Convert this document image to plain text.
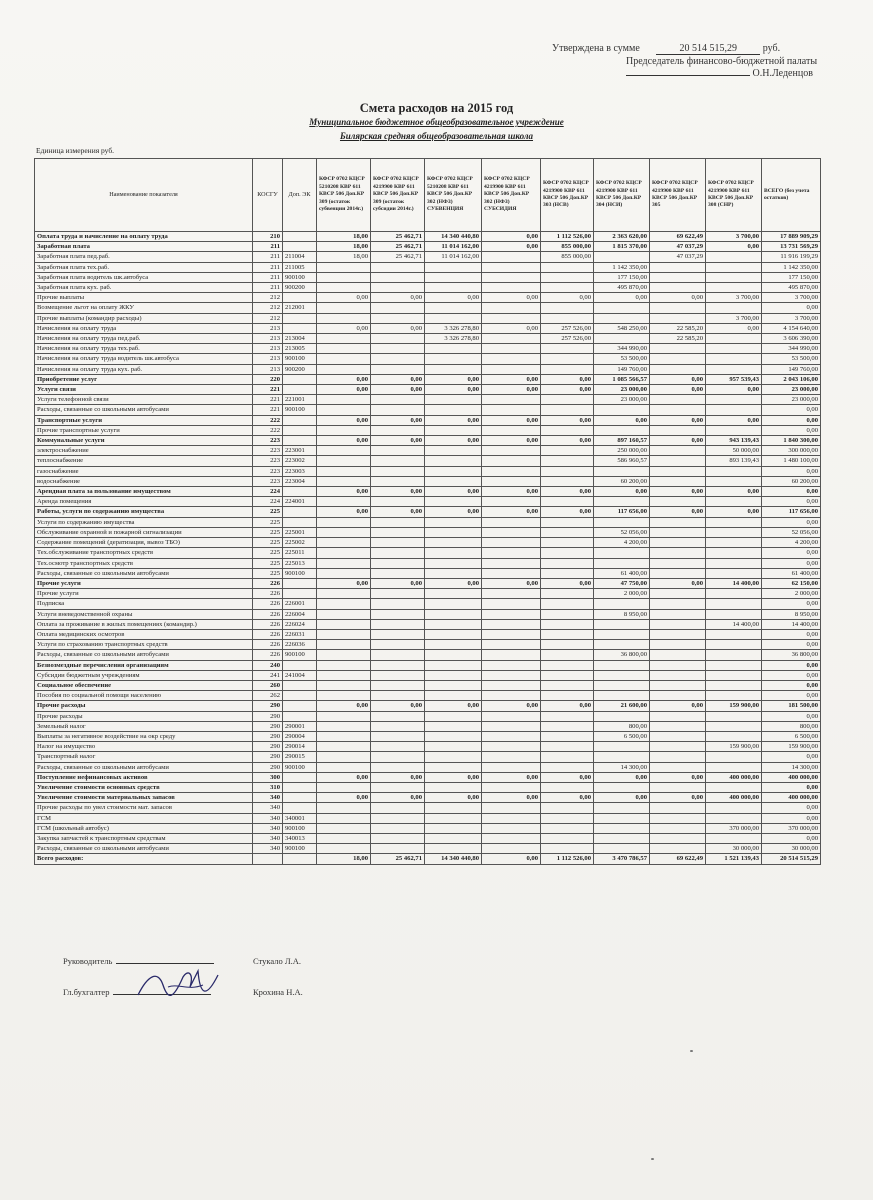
Утверждена в сумме	20 514 515,29	руб.
Председатель финансово-бюджетной палаты
О.Н.Леденцов
Смета расходов на 2015 год
Муниципальное бюджетное общеобразовательное учреждение
Билярская средняя общеобразовательная школа
Единица измерения руб.
Наименование показателя	КОСГУ	Доп. ЭК	КФСР 0702 КЦСР 5210208 КВР 611 КВСР 506 Доп.КР 309 (остаток субвенции 2014г.)	КФСР 0702 КЦСР 4219900 КВР 611 КВСР 506 Доп.КР 309 (остаток субсидии 2014г.)	КФСР 0702 КЦСР 5210208 КВР 611 КВСР 506 Доп.КР 302 (НФЗ) СУБВЕНЦИЯ	КФСР 0702 КЦСР 4219900 КВР 611 КВСР 506 Доп.КР 302 (НФЗ) СУБСИДИЯ	КФСР 0702 КЦСР 4219900 КВР 611 КВСР 506 Доп.КР 303 (НСВ)	КФСР 0702 КЦСР 4219900 КВР 611 КВСР 506 Доп.КР 304 (НСИ)	КФСР 0702 КЦСР 4219900 КВР 611 КВСР 506 Доп.КР 305	КФСР 0702 КЦСР 4219900 КВР 611 КВСР 506 Доп.КР 308 (СНР)	ВСЕГО (без учета остатков)
Оплата труда и начисление на оплату труда	210		18,00	25 462,71	14 340 440,80	0,00	1 112 526,00	2 363 620,00	69 622,49	3 700,00	17 889 909,29
Заработная плата	211		18,00	25 462,71	11 014 162,00	0,00	855 000,00	1 815 370,00	47 037,29	0,00	13 731 569,29
Заработная плата пед.раб.	211	211004	18,00	25 462,71	11 014 162,00		855 000,00		47 037,29		11 916 199,29
Заработная плата тех.раб.	211	211005						1 142 350,00			1 142 350,00
Заработная плата водитель шк.автобуса	211	900100						177 150,00			177 150,00
Заработная плата кух. раб.	211	900200						495 870,00			495 870,00
Прочие выплаты	212		0,00	0,00	0,00	0,00	0,00	0,00	0,00	3 700,00	3 700,00
Возмещение льгот на оплату ЖКУ	212	212001									0,00
Прочие выплаты (командир расходы)	212									3 700,00	3 700,00
Начисления на оплату труда	213		0,00	0,00	3 326 278,80	0,00	257 526,00	548 250,00	22 585,20	0,00	4 154 640,00
Начисления на оплату труда пед.раб.	213	213004			3 326 278,80		257 526,00		22 585,20		3 606 390,00
Начисления на оплату труда тех.раб.	213	213005						344 990,00			344 990,00
Начисления на оплату труда водитель шк.автобуса	213	900100						53 500,00			53 500,00
Начисления на оплату труда кух. раб.	213	900200						149 760,00			149 760,00
Приобретение услуг	220		0,00	0,00	0,00	0,00	0,00	1 085 566,57	0,00	957 539,43	2 043 106,00
Услуги связи	221		0,00	0,00	0,00	0,00	0,00	23 000,00	0,00	0,00	23 000,00
Услуги телефонной связи	221	221001						23 000,00			23 000,00
Расходы, связанные со школьными автобусами	221	900100									0,00
Транспортные услуги	222		0,00	0,00	0,00	0,00	0,00	0,00	0,00	0,00	0,00
Прочие транспортные услуги	222										0,00
Коммунальные услуги	223		0,00	0,00	0,00	0,00	0,00	897 160,57	0,00	943 139,43	1 840 300,00
электроснабжение	223	223001						250 000,00		50 000,00	300 000,00
теплоснабжение	223	223002						586 960,57		893 139,43	1 480 100,00
газоснабжение	223	223003									0,00
водоснабжение	223	223004						60 200,00			60 200,00
Арендная плата за пользование имуществом	224		0,00	0,00	0,00	0,00	0,00	0,00	0,00	0,00	0,00
Аренда помещения	224	224001									0,00
Работы, услуги по содержанию имущества	225		0,00	0,00	0,00	0,00	0,00	117 656,00	0,00	0,00	117 656,00
Услуги по содержанию имущества	225										0,00
Обслуживание охранной и пожарной сигнализации	225	225001						52 056,00			52 056,00
Содержание помещений (дератизация, вывоз ТБО)	225	225002						4 200,00			4 200,00
Тех.обслуживание транспортных средств	225	225011									0,00
Тех.осмотр транспортных средств	225	225013									0,00
Расходы, связанные со школьными автобусами	225	900100						61 400,00			61 400,00
Прочие услуги	226		0,00	0,00	0,00	0,00	0,00	47 750,00	0,00	14 400,00	62 150,00
Прочие услуги	226							2 000,00			2 000,00
Подписка	226	226001									0,00
Услуги вневедомственной охраны	226	226004						8 950,00			8 950,00
Оплата за проживание в жилых помещениях (командир.)	226	226024								14 400,00	14 400,00
Оплата медицинских осмотров	226	226031									0,00
Услуги по страхованию транспортных средств	226	226036									0,00
Расходы, связанные со школьными автобусами	226	900100						36 800,00			36 800,00
Безвозмездные перечисления организациям	240										0,00
Субсидии бюджетным учреждениям	241	241004									0,00
Социальное обеспечение	260										0,00
Пособия по социальной помощи населению	262										0,00
Прочие расходы	290		0,00	0,00	0,00	0,00	0,00	21 600,00	0,00	159 900,00	181 500,00
Прочие расходы	290										0,00
Земельный налог	290	290001						800,00			800,00
Выплаты за негативное воздействие на окр среду	290	290004						6 500,00			6 500,00
Налог на имущество	290	290014								159 900,00	159 900,00
Транспортный налог	290	290015									0,00
Расходы, связанные со школьными автобусами	290	900100						14 300,00			14 300,00
Поступление нефинансовых активов	300		0,00	0,00	0,00	0,00	0,00	0,00	0,00	400 000,00	400 000,00
Увеличение стоимости основных средств	310										0,00
Увеличение стоимости материальных запасов	340		0,00	0,00	0,00	0,00	0,00	0,00	0,00	400 000,00	400 000,00
Прочие расходы по увел стоимости мат. запасов	340										0,00
ГСМ	340	340001									0,00
ГСМ (школьный автобус)	340	900100								370 000,00	370 000,00
Закупка запчастей к транспортным средствам	340	340013									0,00
Расходы, связанные со школьными автобусами	340	900100								30 000,00	30 000,00
Всего расходов:			18,00	25 462,71	14 340 440,80	0,00	1 112 526,00	3 470 786,57	69 622,49	1 521 139,43	20 514 515,29
Руководитель	Стукало Л.А.
Гл.бухгалтер	Крохина Н.А.
